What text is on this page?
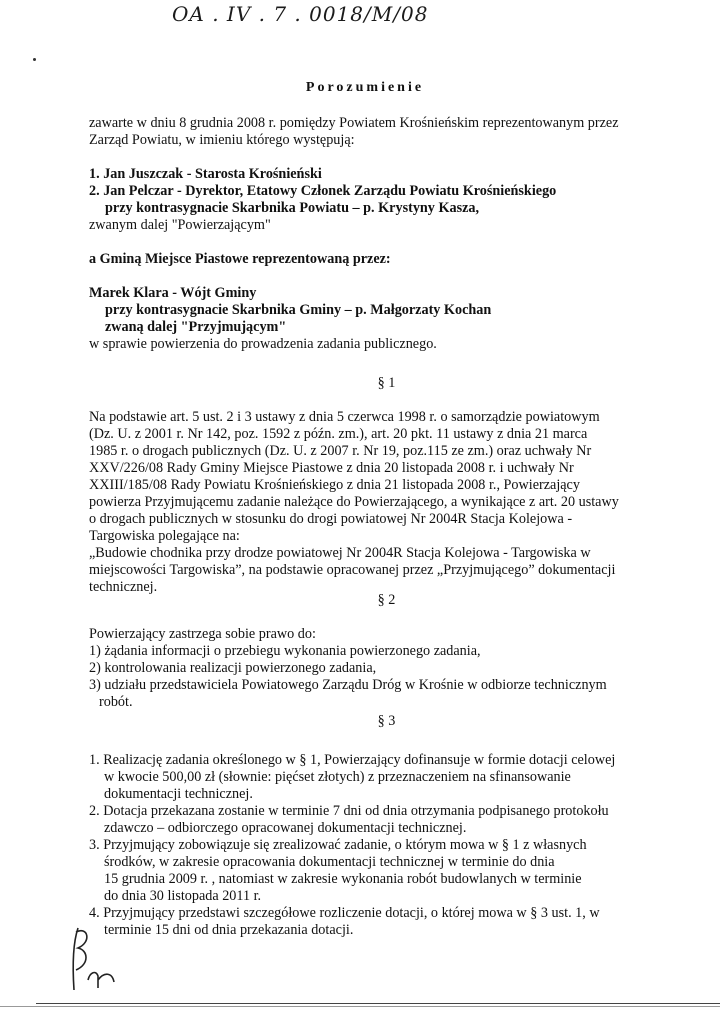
OA . IV . 7 . 0018/M/08
Porozumienie

zawarte w dniu 8 grudnia 2008 r. pomiędzy Powiatem Krośnieńskim reprezentowanym przez

Zarząd Powiatu, w imieniu którego występują:

1. Jan Juszczak - Starosta Krośnieński

2. Jan Pelczar - Dyrektor, Etatowy Członek Zarządu Powiatu Krośnieńskiego

przy kontrasygnacie Skarbnika Powiatu – p. Krystyny Kasza,

zwanym dalej "Powierzającym"

a Gminą Miejsce Piastowe reprezentowaną przez:

Marek Klara - Wójt Gminy

przy kontrasygnacie Skarbnika Gminy – p. Małgorzaty Kochan

zwaną dalej "Przyjmującym"

w sprawie powierzenia do prowadzenia zadania publicznego.

§ 1

Na podstawie art. 5 ust. 2 i 3 ustawy z dnia 5 czerwca 1998 r. o samorządzie powiatowym

(Dz. U. z 2001 r. Nr 142, poz. 1592 z późn. zm.), art. 20 pkt. 11 ustawy z dnia 21 marca

1985 r. o drogach publicznych (Dz. U. z 2007 r. Nr 19, poz.115 ze zm.) oraz uchwały Nr

XXV/226/08 Rady Gminy Miejsce Piastowe z dnia 20 listopada 2008 r. i uchwały Nr

XXIII/185/08 Rady Powiatu Krośnieńskiego z dnia 21 listopada 2008 r., Powierzający

powierza Przyjmującemu zadanie należące do Powierzającego, a wynikające z art. 20 ustawy

o drogach publicznych w stosunku do drogi powiatowej Nr 2004R Stacja Kolejowa -

Targowiska polegające na:

„Budowie chodnika przy drodze powiatowej Nr 2004R Stacja Kolejowa - Targowiska w

miejscowości Targowiska”, na podstawie opracowanej przez „Przyjmującego” dokumentacji

technicznej.

§ 2

Powierzający zastrzega sobie prawo do:

1) żądania informacji o przebiegu wykonania powierzonego zadania,

2) kontrolowania realizacji powierzonego zadania,

3) udziału przedstawiciela Powiatowego Zarządu Dróg w Krośnie w odbiorze technicznym

robót.

§ 3

1. Realizację zadania określonego w § 1, Powierzający dofinansuje w formie dotacji celowej
w kwocie 500,00 zł (słownie: pięćset złotych) z przeznaczeniem na sfinansowanie
dokumentacji technicznej.
2. Dotacja przekazana zostanie w terminie 7 dni od dnia otrzymania podpisanego protokołu
zdawczo – odbiorczego opracowanej dokumentacji technicznej.
3. Przyjmujący zobowiązuje się zrealizować zadanie, o którym mowa w § 1 z własnych
środków, w zakresie opracowania dokumentacji technicznej w terminie do dnia
15 grudnia 2009 r. , natomiast w zakresie wykonania robót budowlanych w terminie
do dnia 30 listopada 2011 r.
4. Przyjmujący przedstawi szczegółowe rozliczenie dotacji, o której mowa w § 3 ust. 1, w
terminie 15 dni od dnia przekazania dotacji.
